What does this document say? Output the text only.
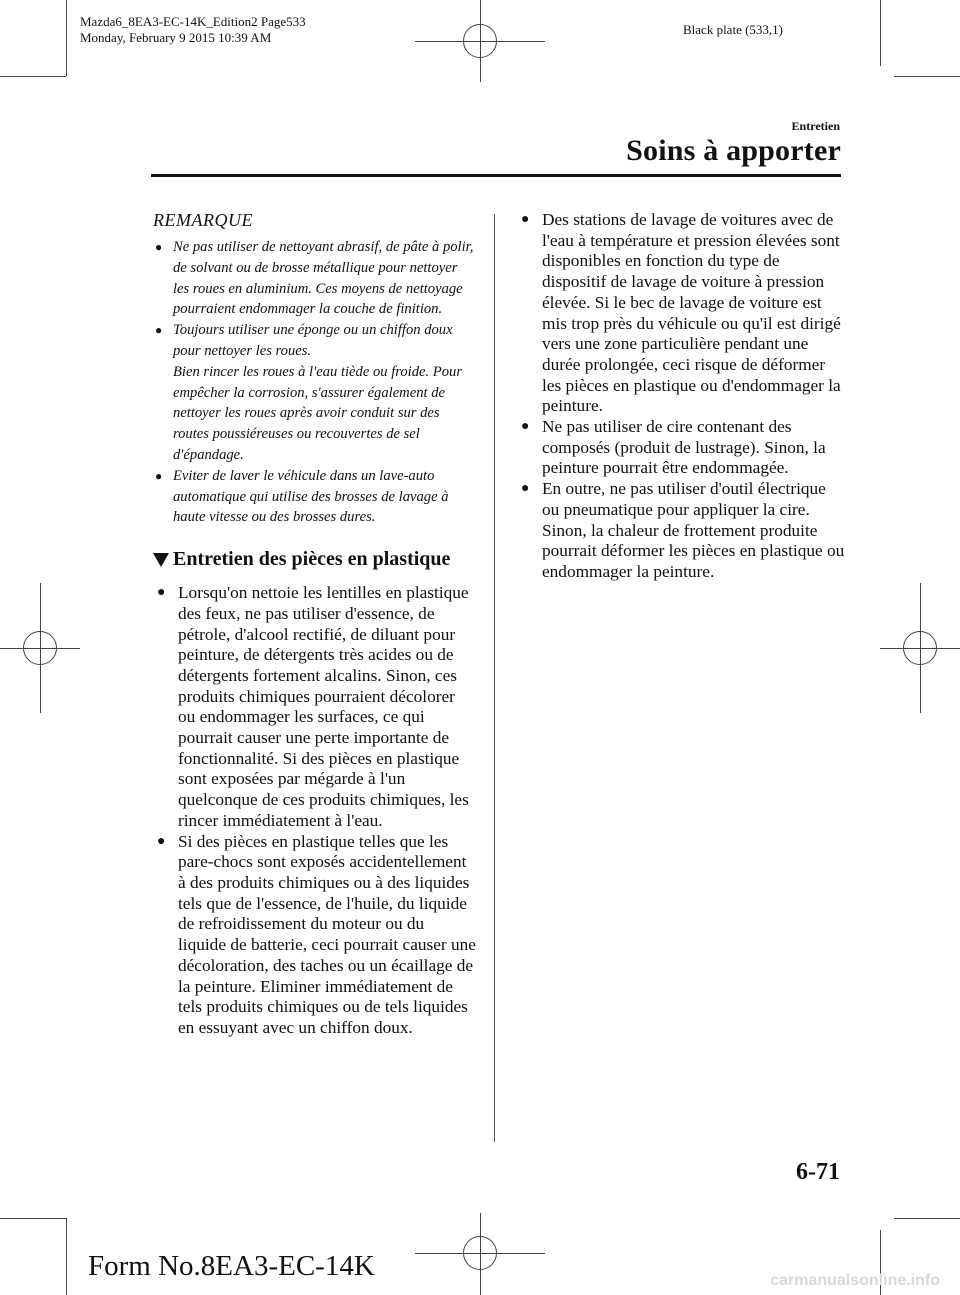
Mazda6_8EA3-EC-14K_Edition2 Page533
Monday, February 9 2015 10:39 AM
Black plate (533,1)
Entretien
Soins à apporter
REMARQUE
● Ne pas utiliser de nettoyant abrasif, de pâte à polir, de solvant ou de brosse métallique pour nettoyer les roues en aluminium. Ces moyens de nettoyage pourraient endommager la couche de finition.
● Toujours utiliser une éponge ou un chiffon doux pour nettoyer les roues.
Bien rincer les roues à l'eau tiède ou froide. Pour empêcher la corrosion, s'assurer également de nettoyer les roues après avoir conduit sur des routes poussiéreuses ou recouvertes de sel d'épandage.
● Eviter de laver le véhicule dans un lave-auto automatique qui utilise des brosses de lavage à haute vitesse ou des brosses dures.
Entretien des pièces en plastique
● Lorsqu'on nettoie les lentilles en plastique des feux, ne pas utiliser d'essence, de pétrole, d'alcool rectifié, de diluant pour peinture, de détergents très acides ou de détergents fortement alcalins. Sinon, ces produits chimiques pourraient décolorer ou endommager les surfaces, ce qui pourrait causer une perte importante de fonctionnalité. Si des pièces en plastique sont exposées par mégarde à l'un quelconque de ces produits chimiques, les rincer immédiatement à l'eau.
● Si des pièces en plastique telles que les pare-chocs sont exposés accidentellement à des produits chimiques ou à des liquides tels que de l'essence, de l'huile, du liquide de refroidissement du moteur ou du liquide de batterie, ceci pourrait causer une décoloration, des taches ou un écaillage de la peinture. Eliminer immédiatement de tels produits chimiques ou de tels liquides en essuyant avec un chiffon doux.
● Des stations de lavage de voitures avec de l'eau à température et pression élevées sont disponibles en fonction du type de dispositif de lavage de voiture à pression élevée. Si le bec de lavage de voiture est mis trop près du véhicule ou qu'il est dirigé vers une zone particulière pendant une durée prolongée, ceci risque de déformer les pièces en plastique ou d'endommager la peinture.
● Ne pas utiliser de cire contenant des composés (produit de lustrage). Sinon, la peinture pourrait être endommagée.
● En outre, ne pas utiliser d'outil électrique ou pneumatique pour appliquer la cire. Sinon, la chaleur de frottement produite pourrait déformer les pièces en plastique ou endommager la peinture.
6-71
Form No.8EA3-EC-14K	carmanualsonline.info
